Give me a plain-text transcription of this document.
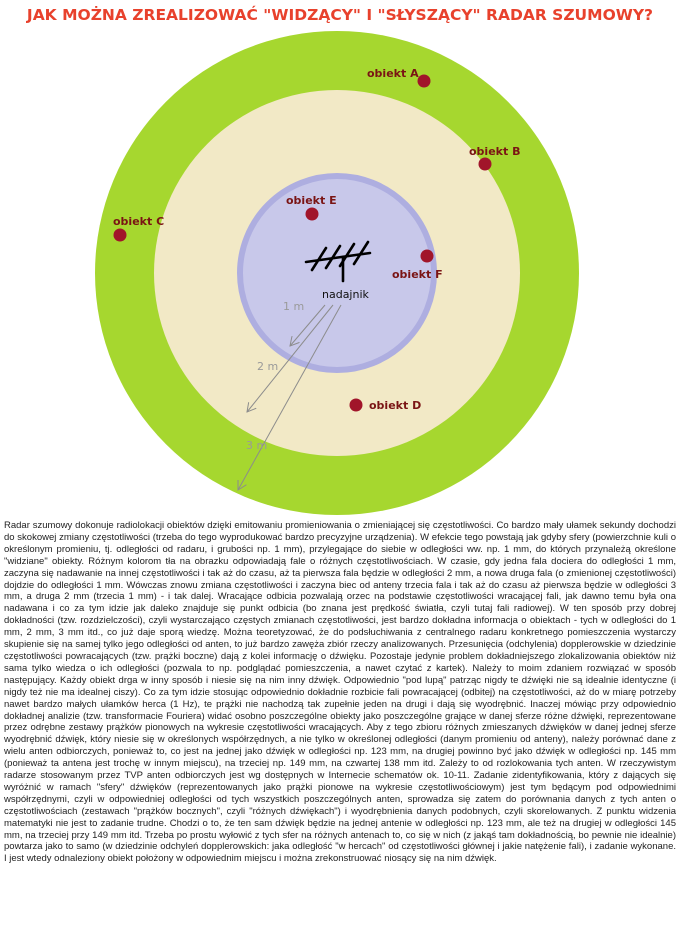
JAK MOŻNA ZREALIZOWAĆ "WIDZĄCY" I "SŁYSZĄCY" RADAR SZUMOWY?
nadajnik
1 m
2 m
3 m
obiekt A
obiekt B
obiekt C
obiekt D
obiekt E
obiekt F

Radar szumowy dokonuje radiolokacji obiektów dzięki emitowaniu promieniowania o zmieniającej się częstotliwości. Co bardzo mały ułamek sekundy dochodzi do skokowej zmiany częstotliwości (trzeba do tego wyprodukować bardzo precyzyjne urządzenia). W efekcie tego powstają jak gdyby sfery (powierzchnie kuli o określonym promieniu, tj. odległości od radaru, i grubości np. 1 mm), przylegające do siebie w odległości ww. np. 1 mm, do których przynależą określone "widziane" obiekty. Różnym kolorom tła na obrazku odpowiadają fale o różnych częstotliwościach. W czasie, gdy jedna fala dociera do odległości 1 mm, zaczyna się nadawanie na innej częstotliwości i tak aż do czasu, aż ta pierwsza fala będzie w odległości 2 mm, a nowa druga fala (o zmienionej częstotliwości) dojdzie do odległości 1 mm. Wówczas znowu zmiana częstotliwości i zaczyna biec od anteny trzecia fala i tak aż do czasu aż pierwsza będzie w odległości 3 mm, a druga 2 mm (trzecia 1 mm) - i tak dalej. Wracające odbicia pozwalają orzec na podstawie częstotliwości wracającej fali, jak dawno temu była ona nadawana i co za tym idzie jak daleko znajduje się punkt odbicia (bo znana jest prędkość światła, czyli tutaj fali radiowej). W ten sposób przy dobrej dokładności (tzw. rozdzielczości), czyli wystarczająco częstych zmianach częstotliwości, jest bardzo dokładna informacja o obiektach - tych w odległości do 1 mm, 2 mm, 3 mm itd., co już daje sporą wiedzę. Można teoretyzować, że do podsłuchiwania z centralnego radaru konkretnego pomieszczenia wystarczy skupienie się na samej tylko jego odległości od anten, to już bardzo zawęża zbiór rzeczy analizowanych. Przesunięcia (odchylenia) dopplerowskie w dziedzinie częstotliwości powracających (tzw. prążki boczne) dają z kolei informację o dźwięku. Pozostaje jedynie problem dokładniejszego zlokalizowania obiektów niż sama tylko wiedza o ich odległości (pozwala to np. podglądać pomieszczenia, a nawet czytać z kartek). Należy to moim zdaniem rozwiązać w sposób następujący. Każdy obiekt drga w inny sposób i niesie się na nim inny dźwięk. Odpowiednio "pod lupą" patrząc nigdy te dźwięki nie są idealnie identyczne (i nigdy też nie ma idealnej ciszy). Co za tym idzie stosując odpowiednio dokładnie rozbicie fali powracającej (odbitej) na częstotliwości, aż do w miarę potrzeby nawet bardzo małych ułamków herca (1 Hz), te prążki nie nachodzą tak zupełnie jeden na drugi i dają się wyodrębnić. Inaczej mówiąc przy odpowiednio dokładnej analizie (tzw. transformacie Fouriera) widać osobno poszczególne obiekty jako poszczególne grające w danej sferze różne dźwięki, reprezentowane przez odrębne zestawy prążków pionowych na wykresie częstotliwości wracających. Aby z tego zbioru różnych zmieszanych dźwięków w danej jednej sferze wyodrębnić dźwięk, który niesie się w określonych współrzędnych, a nie tylko w określonej odległości (danym promieniu od anteny), należy porównać dane z wielu anten odbiorczych, ponieważ to, co jest na jednej jako dźwięk w odległości np. 123 mm, na drugiej powinno być jako dźwięk w odległości np. 145 mm (ponieważ ta antena jest trochę w innym miejscu), na trzeciej np. 149 mm, na czwartej 138 mm itd. Zależy to od rozlokowania tych anten. W rzeczywistym radarze stosowanym przez TVP anten odbiorczych jest wg dostępnych w Internecie schematów ok. 10-11. Zadanie zidentyfikowania, który z dających się wyróżnić w ramach "sfery" dźwięków (reprezentowanych jako prążki pionowe na wykresie częstotliwościowym) jest tym będącym pod odpowiednimi współrzędnymi, czyli w odpowiedniej odległości od tych wszystkich poszczególnych anten, sprowadza się zatem do porównania danych z tych anten o częstotliwościach (zestawach "prążków bocznych", czyli "różnych dźwiękach") i wyodrębnienia danych podobnych, czyli skorelowanych. Z punktu widzenia matematyki nie jest to zadanie trudne. Chodzi o to, że ten sam dźwięk będzie na jednej antenie w odległości np. 123 mm, ale też na drugiej w odległości 145 mm, na trzeciej przy 149 mm itd. Trzeba po prostu wyłowić z tych sfer na różnych antenach to, co się w nich (z jakąś tam dokładnością, bo pewnie nie idealnie) powtarza jako to samo (w dziedzinie odchyleń dopplerowskich: jaka odległość "w hercach" od częstotliwości głównej i jakie natężenie fali), i zadanie wykonane. I jest wtedy odnaleziony obiekt położony w odpowiednim miejscu i można zrekonstruować niosący się na nim dźwięk.
